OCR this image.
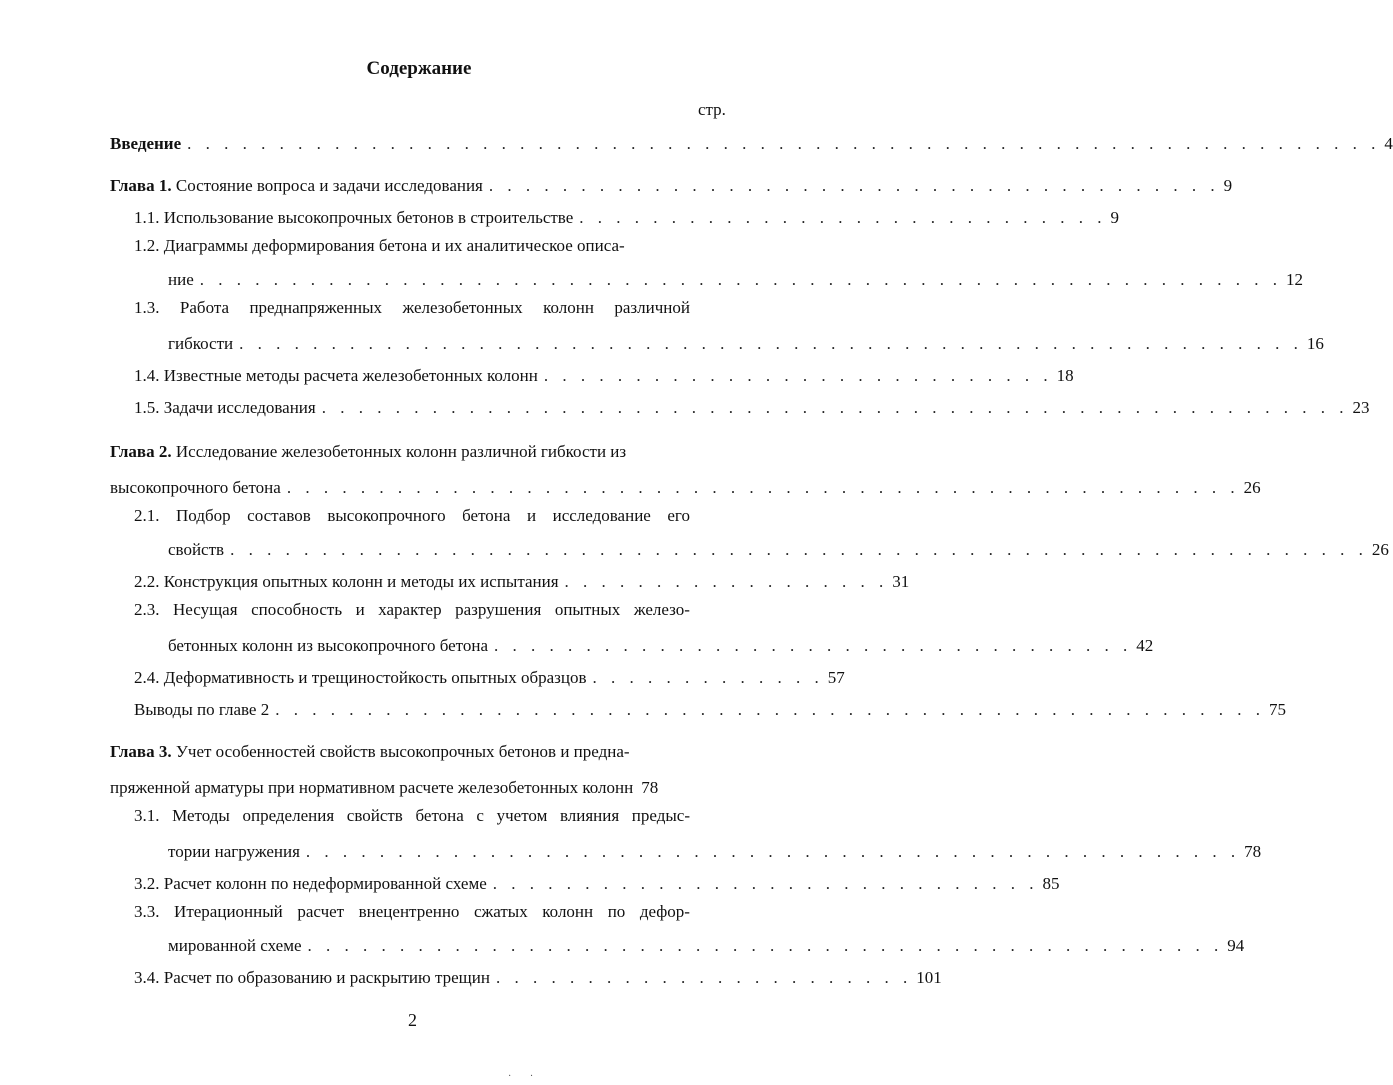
Содержание
стр.
Введение . . . . . . . . . . . . . . . . . . . . . . . . . . . . . . . . . . . . . . . . . . . . . . . . . . . . . . . . . . . . . . . . . 4
Глава 1. Состояние вопроса и задачи исследования . . . . . . . . . . . . . . . . . . . . . . . . . . . . . . . . . . . . . . . . 9
1.1. Использование высокопрочных бетонов в строительстве . . . . . . . . . . . . . . . . . . . . . . . . . . . . . 9
1.2. Диаграммы деформирования бетона и их аналитическое описа-
ние . . . . . . . . . . . . . . . . . . . . . . . . . . . . . . . . . . . . . . . . . . . . . . . . . . . . . . . . . . . 12
1.3. Работа преднапряженных железобетонных колонн различной
гибкости . . . . . . . . . . . . . . . . . . . . . . . . . . . . . . . . . . . . . . . . . . . . . . . . . . . . . . . . . . 16
1.4. Известные методы расчета железобетонных колонн . . . . . . . . . . . . . . . . . . . . . . . . . . . . 18
1.5. Задачи исследования . . . . . . . . . . . . . . . . . . . . . . . . . . . . . . . . . . . . . . . . . . . . . . . . . . . . . . . . 23
Глава 2. Исследование железобетонных колонн различной гибкости из
высокопрочного бетона . . . . . . . . . . . . . . . . . . . . . . . . . . . . . . . . . . . . . . . . . . . . . . . . . . . . 26
2.1. Подбор составов высокопрочного бетона и исследование его
свойств . . . . . . . . . . . . . . . . . . . . . . . . . . . . . . . . . . . . . . . . . . . . . . . . . . . . . . . . . . . . . . 26
2.2. Конструкция опытных колонн и методы их испытания . . . . . . . . . . . . . . . . . . 31
2.3. Несущая способность и характер разрушения опытных железо-
бетонных колонн из высокопрочного бетона . . . . . . . . . . . . . . . . . . . . . . . . . . . . . . . . . . . 42
2.4. Деформативность и трещиностойкость опытных образцов . . . . . . . . . . . . . 57
Выводы по главе 2 . . . . . . . . . . . . . . . . . . . . . . . . . . . . . . . . . . . . . . . . . . . . . . . . . . . . . . 75
Глава 3. Учет особенностей свойств высокопрочных бетонов и предна-
пряженной арматуры при нормативном расчете железобетонных колонн 78
3.1. Методы определения свойств бетона с учетом влияния предыс-
тории нагружения . . . . . . . . . . . . . . . . . . . . . . . . . . . . . . . . . . . . . . . . . . . . . . . . . . . 78
3.2. Расчет колонн по недеформированной схеме . . . . . . . . . . . . . . . . . . . . . . . . . . . . . . 85
3.3. Итерационный расчет внецентренно сжатых колонн по дефор-
мированной схеме . . . . . . . . . . . . . . . . . . . . . . . . . . . . . . . . . . . . . . . . . . . . . . . . . . 94
3.4. Расчет по образованию и раскрытию трещин . . . . . . . . . . . . . . . . . . . . . . . 101
2
· ·
